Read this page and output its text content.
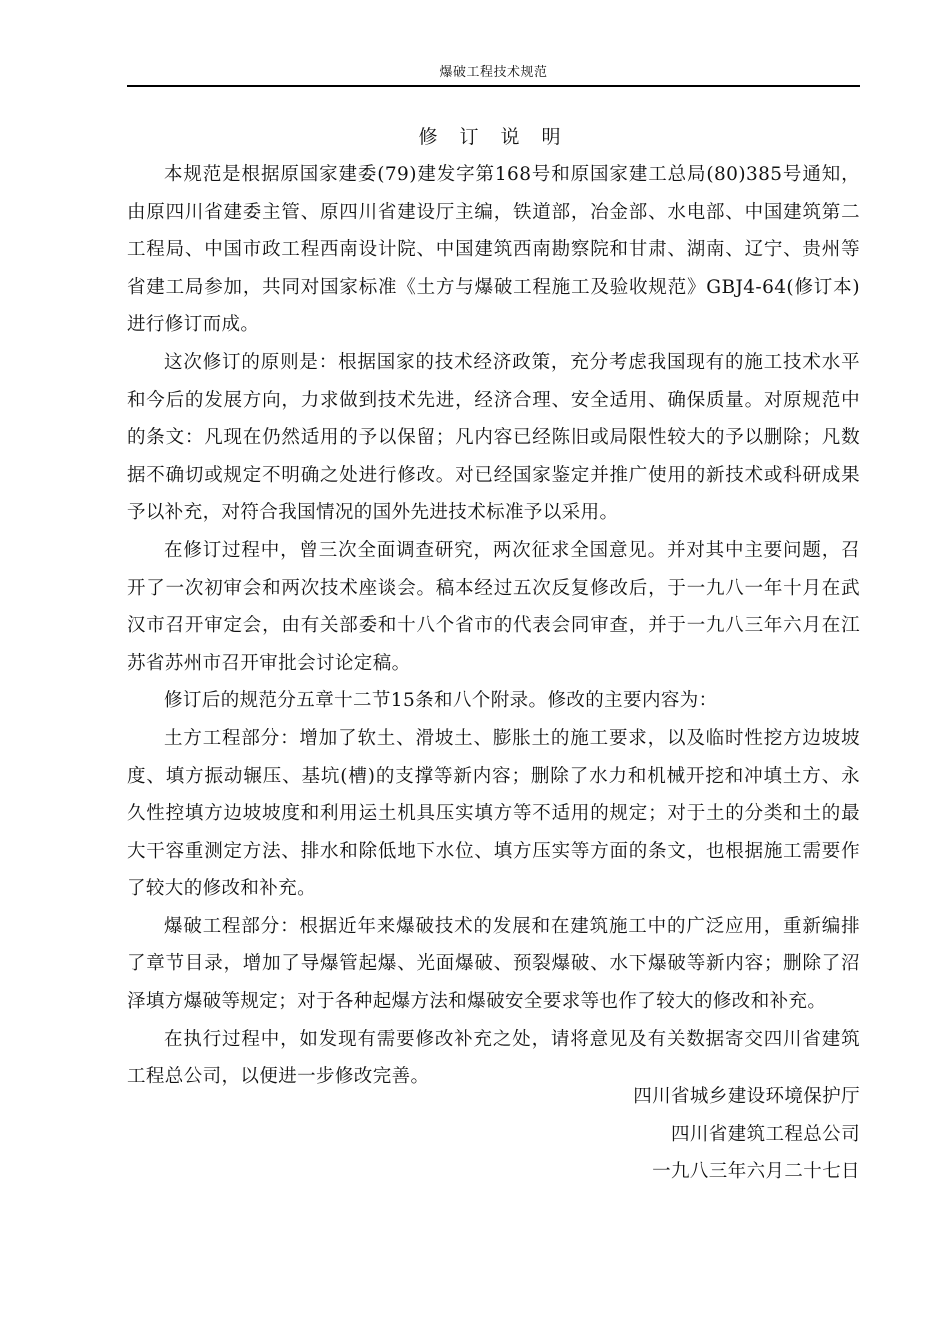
爆破工程技术规范

修 订 说 明

本规范是根据原国家建委(79)建发字第168号和原国家建工总局(80)385号通知，由原四川省建委主管、原四川省建设厅主编，铁道部，冶金部、水电部、中国建筑第二工程局、中国市政工程西南设计院、中国建筑西南勘察院和甘肃、湖南、辽宁、贵州等省建工局参加，共同对国家标准《土方与爆破工程施工及验收规范》GBJ4-64(修订本)进行修订而成。

这次修订的原则是：根据国家的技术经济政策，充分考虑我国现有的施工技术水平和今后的发展方向，力求做到技术先进，经济合理、安全适用、确保质量。对原规范中的条文：凡现在仍然适用的予以保留；凡内容已经陈旧或局限性较大的予以删除；凡数据不确切或规定不明确之处进行修改。对已经国家鉴定并推广使用的新技术或科研成果予以补充，对符合我国情况的国外先进技术标准予以采用。

在修订过程中，曾三次全面调查研究，两次征求全国意见。并对其中主要问题，召开了一次初审会和两次技术座谈会。稿本经过五次反复修改后，于一九八一年十月在武汉市召开审定会，由有关部委和十八个省市的代表会同审查，并于一九八三年六月在江苏省苏州市召开审批会讨论定稿。

修订后的规范分五章十二节15条和八个附录。修改的主要内容为：

土方工程部分：增加了软土、滑坡土、膨胀土的施工要求，以及临时性挖方边坡坡度、填方振动辗压、基坑(槽)的支撑等新内容；删除了水力和机械开挖和冲填土方、永久性控填方边坡坡度和利用运土机具压实填方等不适用的规定；对于土的分类和土的最大干容重测定方法、排水和除低地下水位、填方压实等方面的条文，也根据施工需要作了较大的修改和补充。

爆破工程部分：根据近年来爆破技术的发展和在建筑施工中的广泛应用，重新编排了章节目录，增加了导爆管起爆、光面爆破、预裂爆破、水下爆破等新内容；删除了沼泽填方爆破等规定；对于各种起爆方法和爆破安全要求等也作了较大的修改和补充。

在执行过程中，如发现有需要修改补充之处，请将意见及有关数据寄交四川省建筑工程总公司，以便进一步修改完善。

四川省城乡建设环境保护厅

四川省建筑工程总公司

一九八三年六月二十七日
